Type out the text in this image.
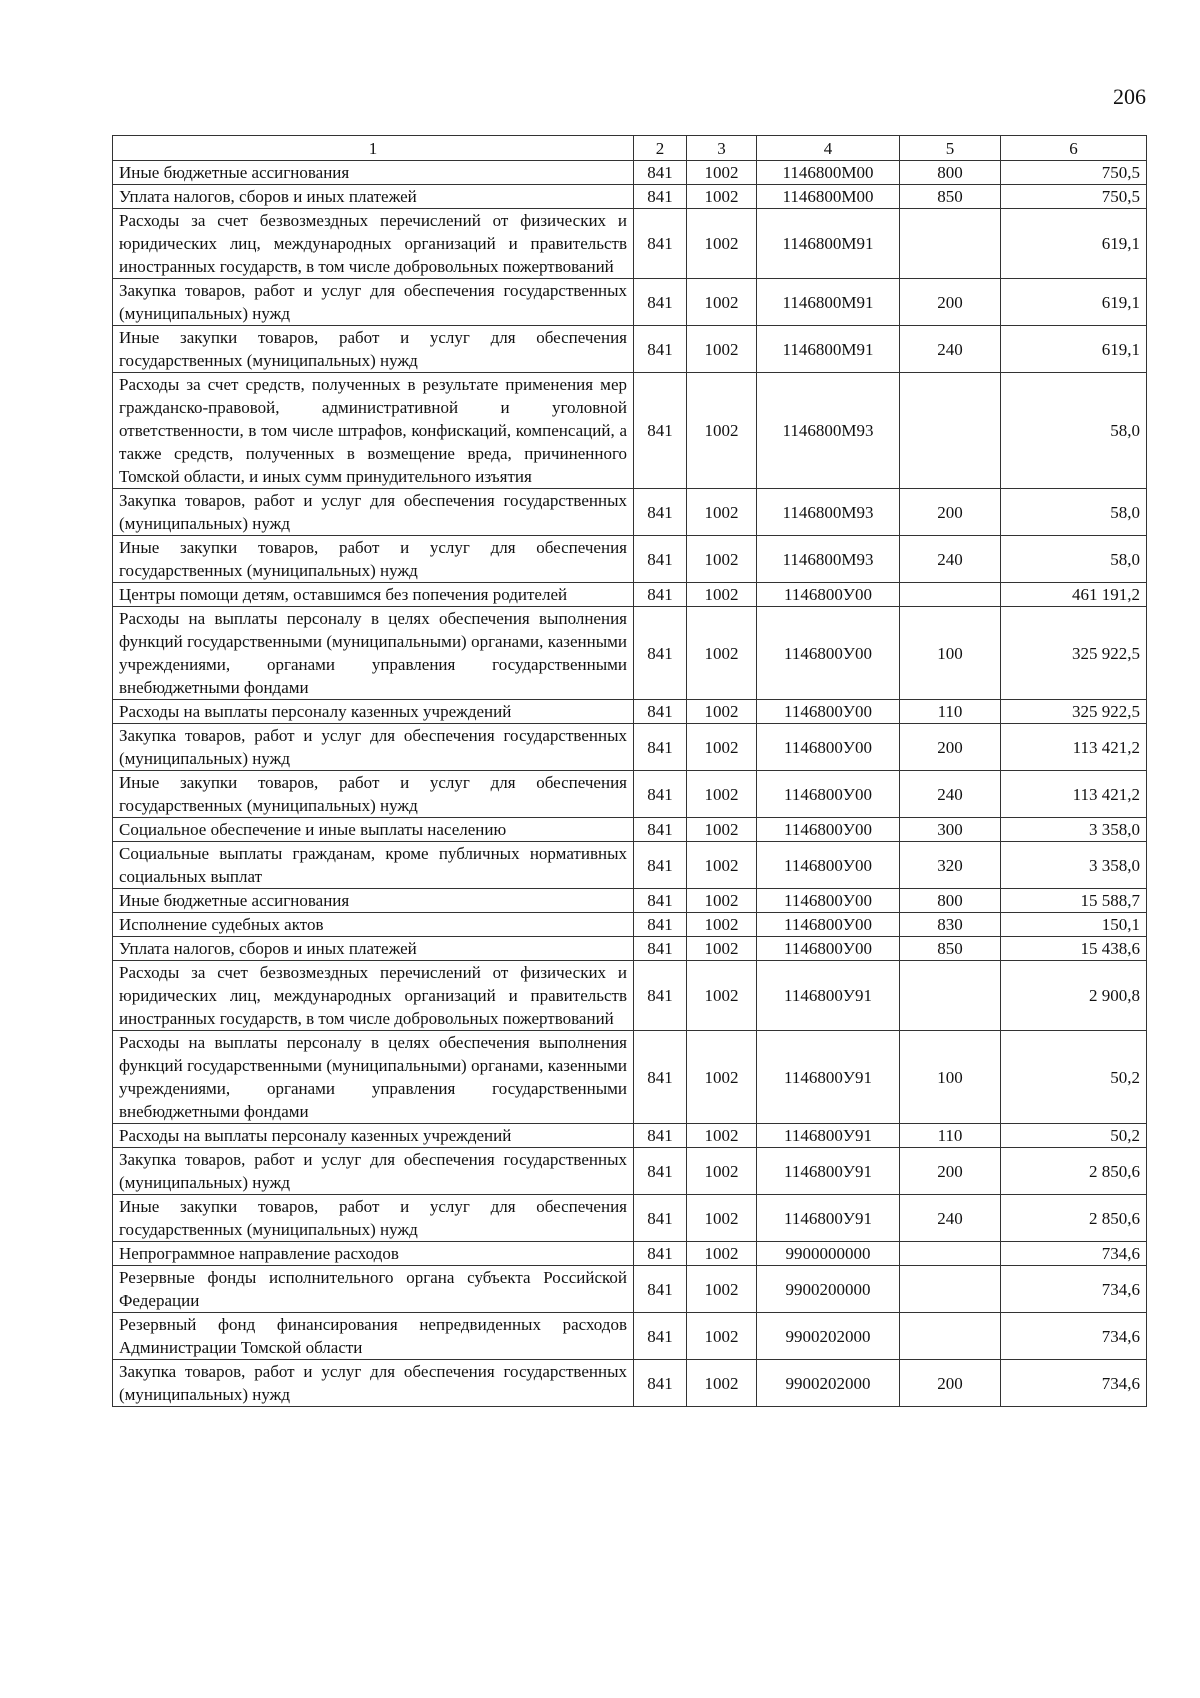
206
1	2	3	4	5	6
Иные бюджетные ассигнования	841	1002	1146800М00	800	750,5
Уплата налогов, сборов и иных платежей	841	1002	1146800М00	850	750,5
Расходы за счет безвозмездных перечислений от физических и юридических лиц, международных организаций и правительств иностранных государств, в том числе добровольных пожертвований	841	1002	1146800М91		619,1
Закупка товаров, работ и услуг для обеспечения государственных (муниципальных) нужд	841	1002	1146800М91	200	619,1
Иные закупки товаров, работ и услуг для обеспечения государственных (муниципальных) нужд	841	1002	1146800М91	240	619,1
Расходы за счет средств, полученных в результате применения мер гражданско-правовой, административной и уголовной ответственности, в том числе штрафов, конфискаций, компенсаций, а также средств, полученных в возмещение вреда, причиненного Томской области, и иных сумм принудительного изъятия	841	1002	1146800М93		58,0
Закупка товаров, работ и услуг для обеспечения государственных (муниципальных) нужд	841	1002	1146800М93	200	58,0
Иные закупки товаров, работ и услуг для обеспечения государственных (муниципальных) нужд	841	1002	1146800М93	240	58,0
Центры помощи детям, оставшимся без попечения родителей	841	1002	1146800У00		461 191,2
Расходы на выплаты персоналу в целях обеспечения выполнения функций государственными (муниципальными) органами, казенными учреждениями, органами управления государственными внебюджетными фондами	841	1002	1146800У00	100	325 922,5
Расходы на выплаты персоналу казенных учреждений	841	1002	1146800У00	110	325 922,5
Закупка товаров, работ и услуг для обеспечения государственных (муниципальных) нужд	841	1002	1146800У00	200	113 421,2
Иные закупки товаров, работ и услуг для обеспечения государственных (муниципальных) нужд	841	1002	1146800У00	240	113 421,2
Социальное обеспечение и иные выплаты населению	841	1002	1146800У00	300	3 358,0
Социальные выплаты гражданам, кроме публичных нормативных социальных выплат	841	1002	1146800У00	320	3 358,0
Иные бюджетные ассигнования	841	1002	1146800У00	800	15 588,7
Исполнение судебных актов	841	1002	1146800У00	830	150,1
Уплата налогов, сборов и иных платежей	841	1002	1146800У00	850	15 438,6
Расходы за счет безвозмездных перечислений от физических и юридических лиц, международных организаций и правительств иностранных государств, в том числе добровольных пожертвований	841	1002	1146800У91		2 900,8
Расходы на выплаты персоналу в целях обеспечения выполнения функций государственными (муниципальными) органами, казенными учреждениями, органами управления государственными внебюджетными фондами	841	1002	1146800У91	100	50,2
Расходы на выплаты персоналу казенных учреждений	841	1002	1146800У91	110	50,2
Закупка товаров, работ и услуг для обеспечения государственных (муниципальных) нужд	841	1002	1146800У91	200	2 850,6
Иные закупки товаров, работ и услуг для обеспечения государственных (муниципальных) нужд	841	1002	1146800У91	240	2 850,6
Непрограммное направление расходов	841	1002	9900000000		734,6
Резервные фонды исполнительного органа субъекта Российской Федерации	841	1002	9900200000		734,6
Резервный фонд финансирования непредвиденных расходов Администрации Томской области	841	1002	9900202000		734,6
Закупка товаров, работ и услуг для обеспечения государственных (муниципальных) нужд	841	1002	9900202000	200	734,6
